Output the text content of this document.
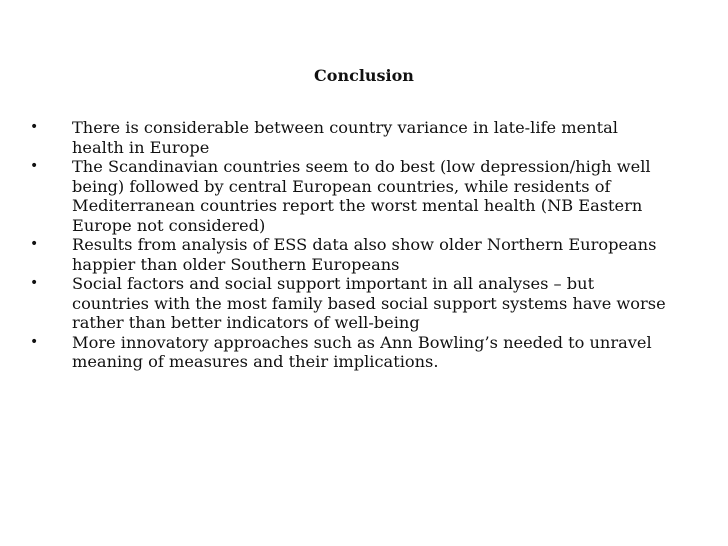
Conclusion
•	There is considerable between country variance in late-life mental health in Europe
•	The Scandinavian countries seem to do best (low depression/high well being) followed by central European countries, while residents of Mediterranean countries report the worst mental health (NB Eastern Europe not considered)
•	Results from analysis of ESS data also show older Northern Europeans happier than older Southern Europeans
•	Social factors and social support important in all analyses – but countries with the most family based social support systems have worse rather than better indicators of well-being
•	More innovatory approaches such as Ann Bowling’s needed to unravel meaning of measures and their implications.
